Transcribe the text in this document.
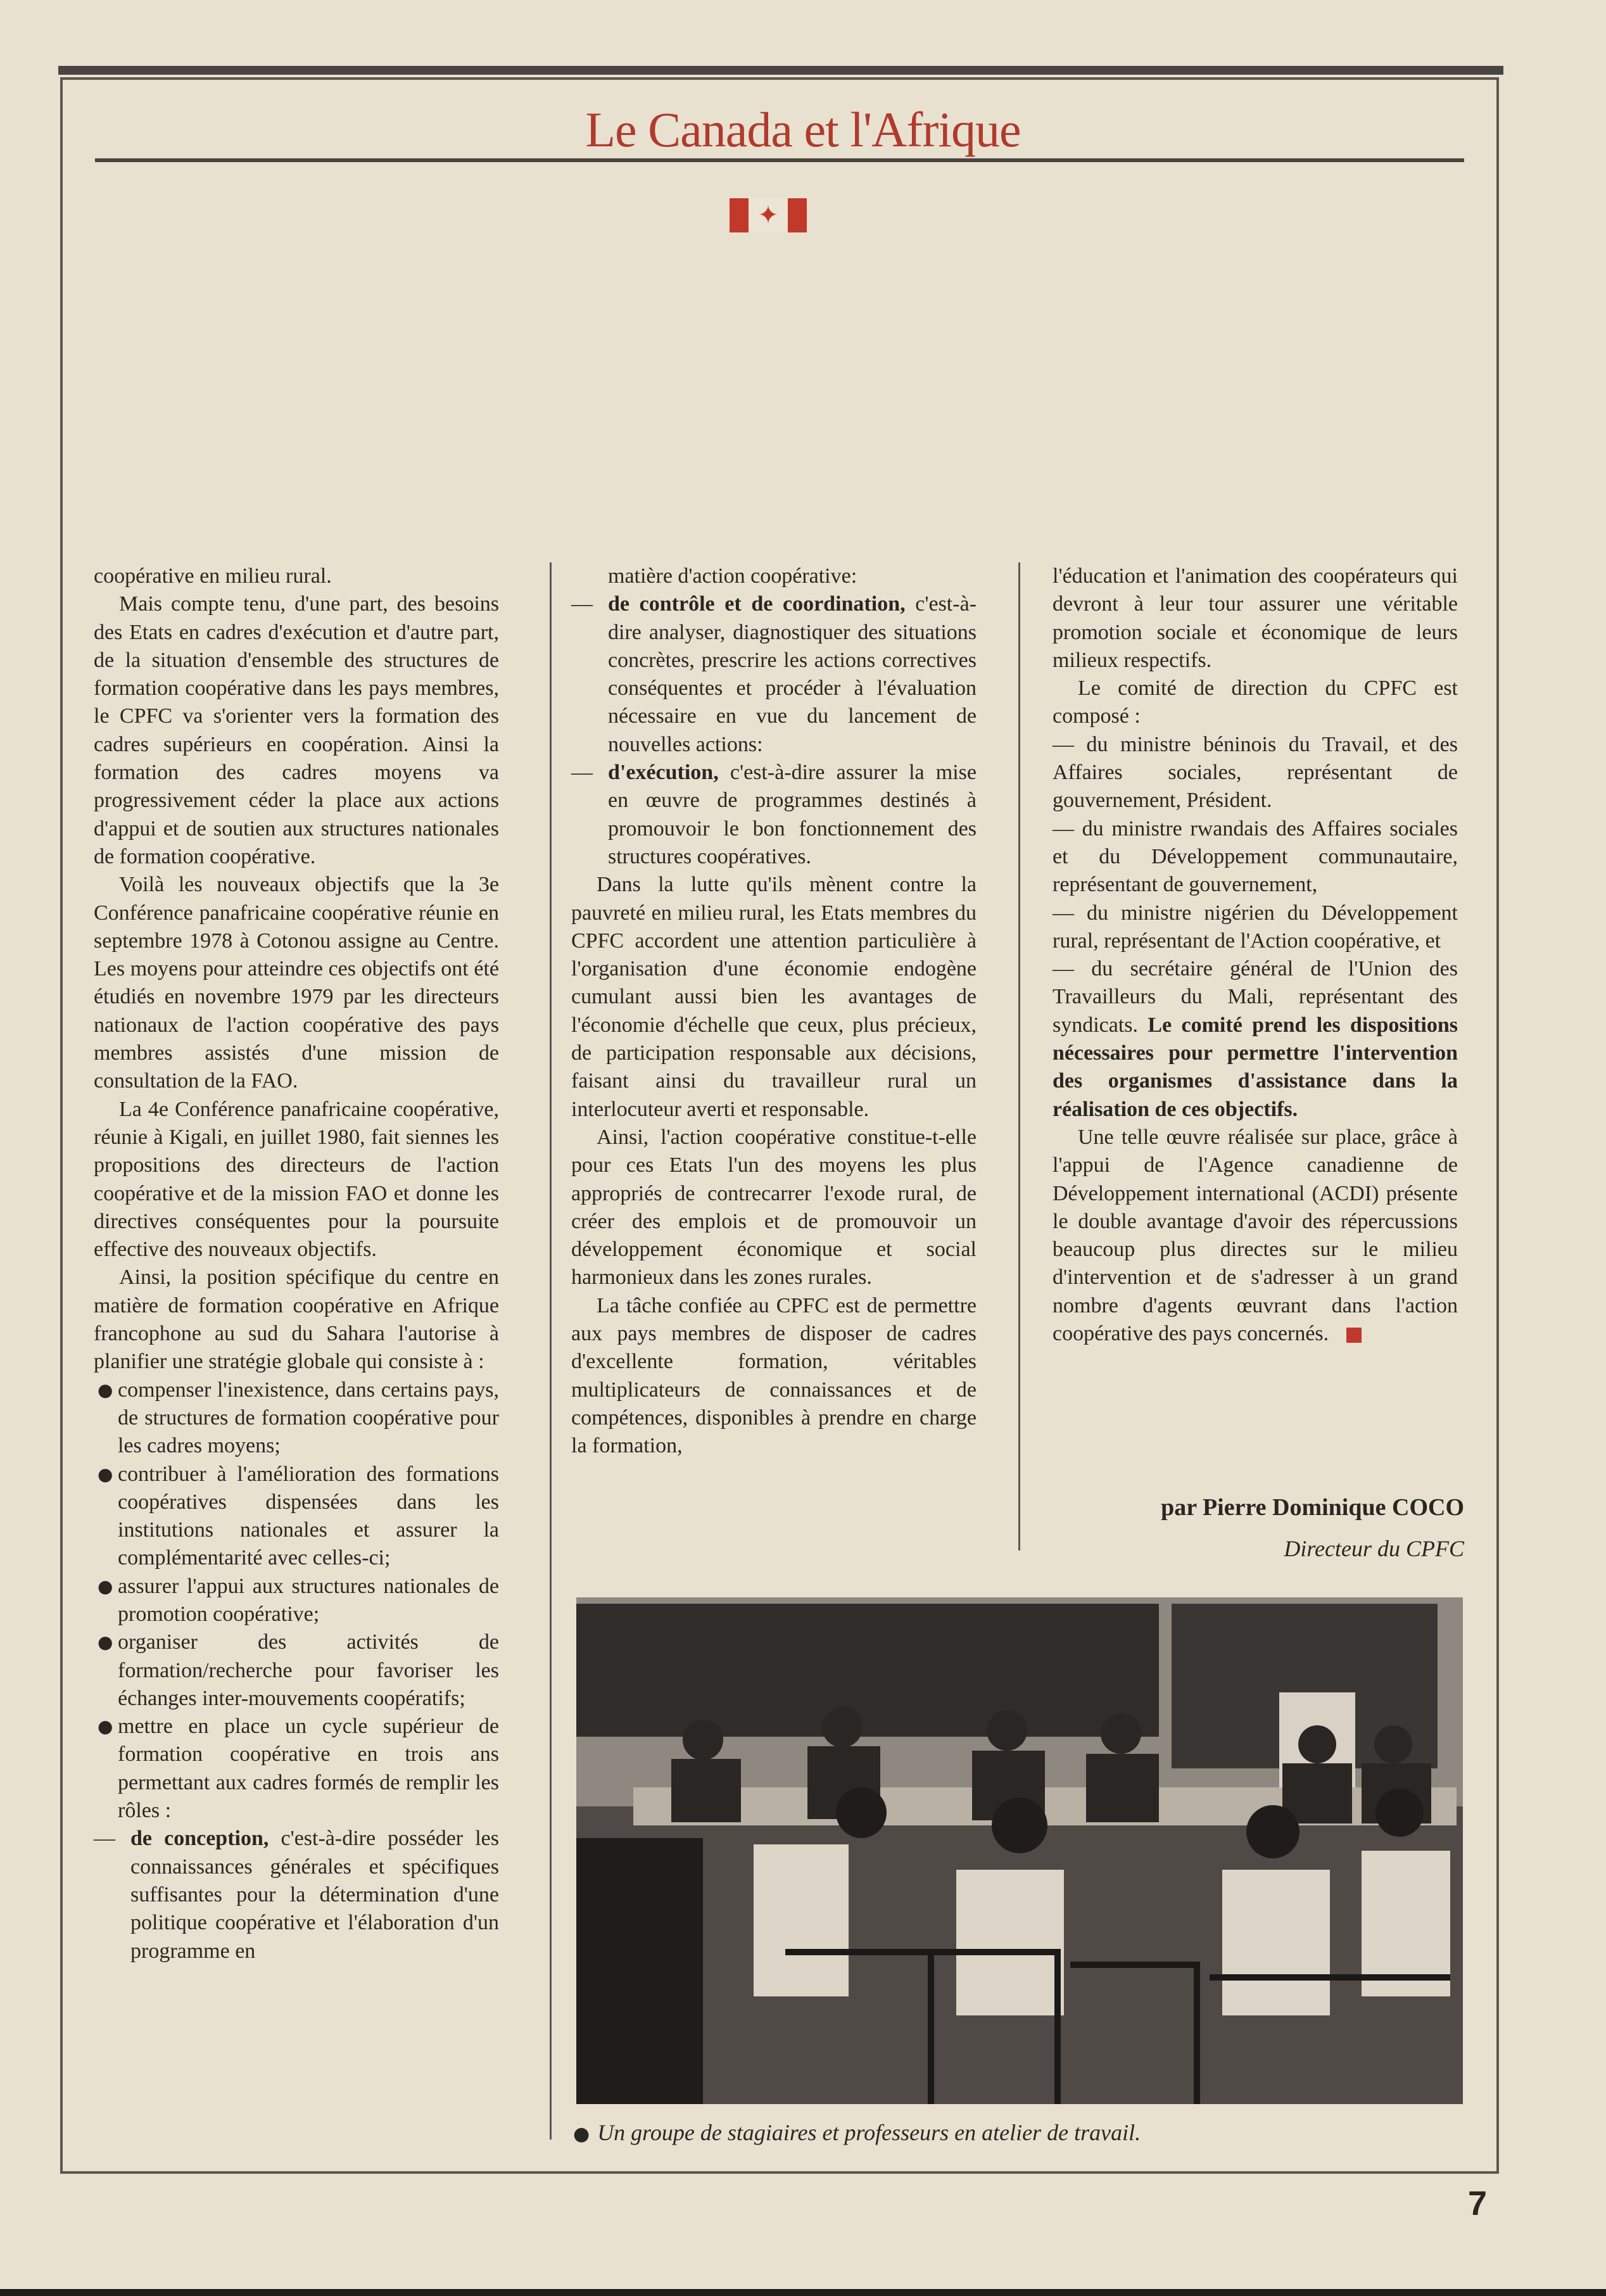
Le Canada et l'Afrique
✦

coopérative en milieu rural.

Mais compte tenu, d'une part, des besoins des Etats en cadres d'exécution et d'autre part, de la situation d'ensemble des structures de formation coopérative dans les pays membres, le CPFC va s'orienter vers la formation des cadres supérieurs en coopération. Ainsi la formation des cadres moyens va progressivement céder la place aux actions d'appui et de soutien aux structures nationales de formation coopérative.

Voilà les nouveaux objectifs que la 3e Conférence panafricaine coopérative réunie en septembre 1978 à Cotonou assigne au Centre. Les moyens pour atteindre ces objectifs ont été étudiés en novembre 1979 par les directeurs nationaux de l'action coopérative des pays membres assistés d'une mission de consultation de la FAO.

La 4e Conférence panafricaine coopérative, réunie à Kigali, en juillet 1980, fait siennes les propositions des directeurs de l'action coopérative et de la mission FAO et donne les directives conséquentes pour la poursuite effective des nouveaux objectifs.

Ainsi, la position spécifique du centre en matière de formation coopérative en Afrique francophone au sud du Sahara l'autorise à planifier une stratégie globale qui consiste à :

● compenser l'inexistence, dans certains pays, de structures de formation coopérative pour les cadres moyens;
● contribuer à l'amélioration des formations coopératives dispensées dans les institutions nationales et assurer la complémentarité avec celles-ci;
● assurer l'appui aux structures nationales de promotion coopérative;
● organiser des activités de formation/recherche pour favoriser les échanges inter-mouvements coopératifs;
● mettre en place un cycle supérieur de formation coopérative en trois ans permettant aux cadres formés de remplir les rôles :
— de conception, c'est-à-dire posséder les connaissances générales et spécifiques suffisantes pour la détermination d'une politique coopérative et l'élaboration d'un programme en
matière d'action coopérative:
— de contrôle et de coordination, c'est-à-dire analyser, diagnostiquer des situations concrètes, prescrire les actions correctives conséquentes et procéder à l'évaluation nécessaire en vue du lancement de nouvelles actions:
— d'exécution, c'est-à-dire assurer la mise en œuvre de programmes destinés à promouvoir le bon fonctionnement des structures coopératives.

Dans la lutte qu'ils mènent contre la pauvreté en milieu rural, les Etats membres du CPFC accordent une attention particulière à l'organisation d'une économie endogène cumulant aussi bien les avantages de l'économie d'échelle que ceux, plus précieux, de participation responsable aux décisions, faisant ainsi du travailleur rural un interlocuteur averti et responsable.

Ainsi, l'action coopérative constitue-t-elle pour ces Etats l'un des moyens les plus appropriés de contrecarrer l'exode rural, de créer des emplois et de promouvoir un développement économique et social harmonieux dans les zones rurales.

La tâche confiée au CPFC est de permettre aux pays membres de disposer de cadres d'excellente formation, véritables multiplicateurs de connaissances et de compétences, disponibles à prendre en charge la formation,

l'éducation et l'animation des coopérateurs qui devront à leur tour assurer une véritable promotion sociale et économique de leurs milieux respectifs.

Le comité de direction du CPFC est composé :

— du ministre béninois du Travail, et des Affaires sociales, représentant de gouvernement, Président.

— du ministre rwandais des Affaires sociales et du Développement communautaire, représentant de gouvernement,

— du ministre nigérien du Développement rural, représentant de l'Action coopérative, et

— du secrétaire général de l'Union des Travailleurs du Mali, représentant des syndicats. Le comité prend les dispositions nécessaires pour permettre l'intervention des organismes d'assistance dans la réalisation de ces objectifs.

Une telle œuvre réalisée sur place, grâce à l'appui de l'Agence canadienne de Développement international (ACDI) présente le double avantage d'avoir des répercussions beaucoup plus directes sur le milieu d'intervention et de s'adresser à un grand nombre d'agents œuvrant dans l'action coopérative des pays concernés.

par Pierre Dominique COCO
Directeur du CPFC
● Un groupe de stagiaires et professeurs en atelier de travail.
7
